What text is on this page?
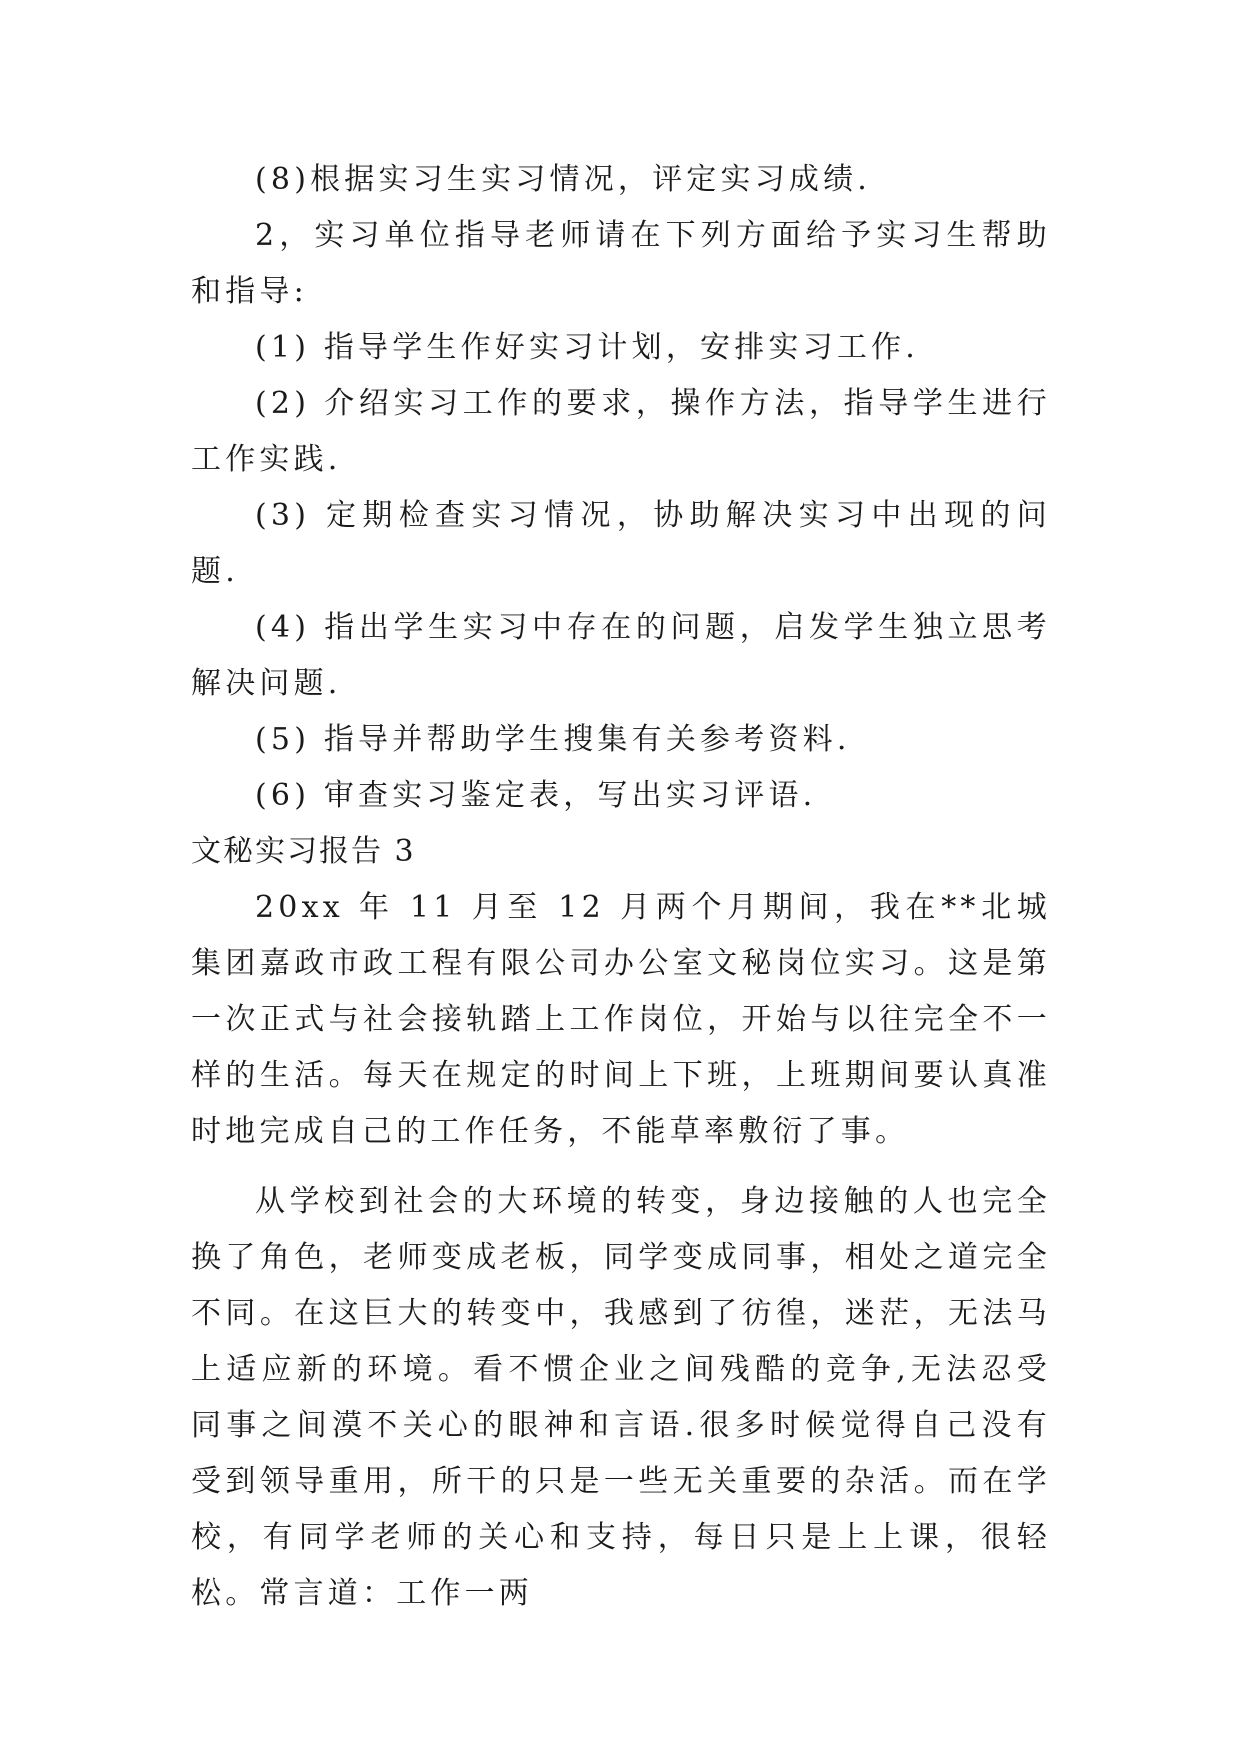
(8)根据实习生实习情况，评定实习成绩.

2，实习单位指导老师请在下列方面给予实习生帮助和指导:

(1) 指导学生作好实习计划，安排实习工作.

(2) 介绍实习工作的要求，操作方法，指导学生进行工作实践.

(3) 定期检查实习情况，协助解决实习中出现的问题.

(4) 指出学生实习中存在的问题，启发学生独立思考解决问题.

(5) 指导并帮助学生搜集有关参考资料.

(6) 审查实习鉴定表，写出实习评语.

文秘实习报告 3

20xx 年 11 月至 12 月两个月期间，我在**北城集团嘉政市政工程有限公司办公室文秘岗位实习。这是第一次正式与社会接轨踏上工作岗位，开始与以往完全不一样的生活。每天在规定的时间上下班，上班期间要认真准时地完成自己的工作任务，不能草率敷衍了事。

从学校到社会的大环境的转变，身边接触的人也完全换了角色，老师变成老板，同学变成同事，相处之道完全不同。在这巨大的转变中，我感到了彷徨，迷茫，无法马上适应新的环境。看不惯企业之间残酷的竞争,无法忍受同事之间漠不关心的眼神和言语.很多时候觉得自己没有受到领导重用，所干的只是一些无关重要的杂活。而在学校，有同学老师的关心和支持，每日只是上上课，很轻松。常言道：工作一两
